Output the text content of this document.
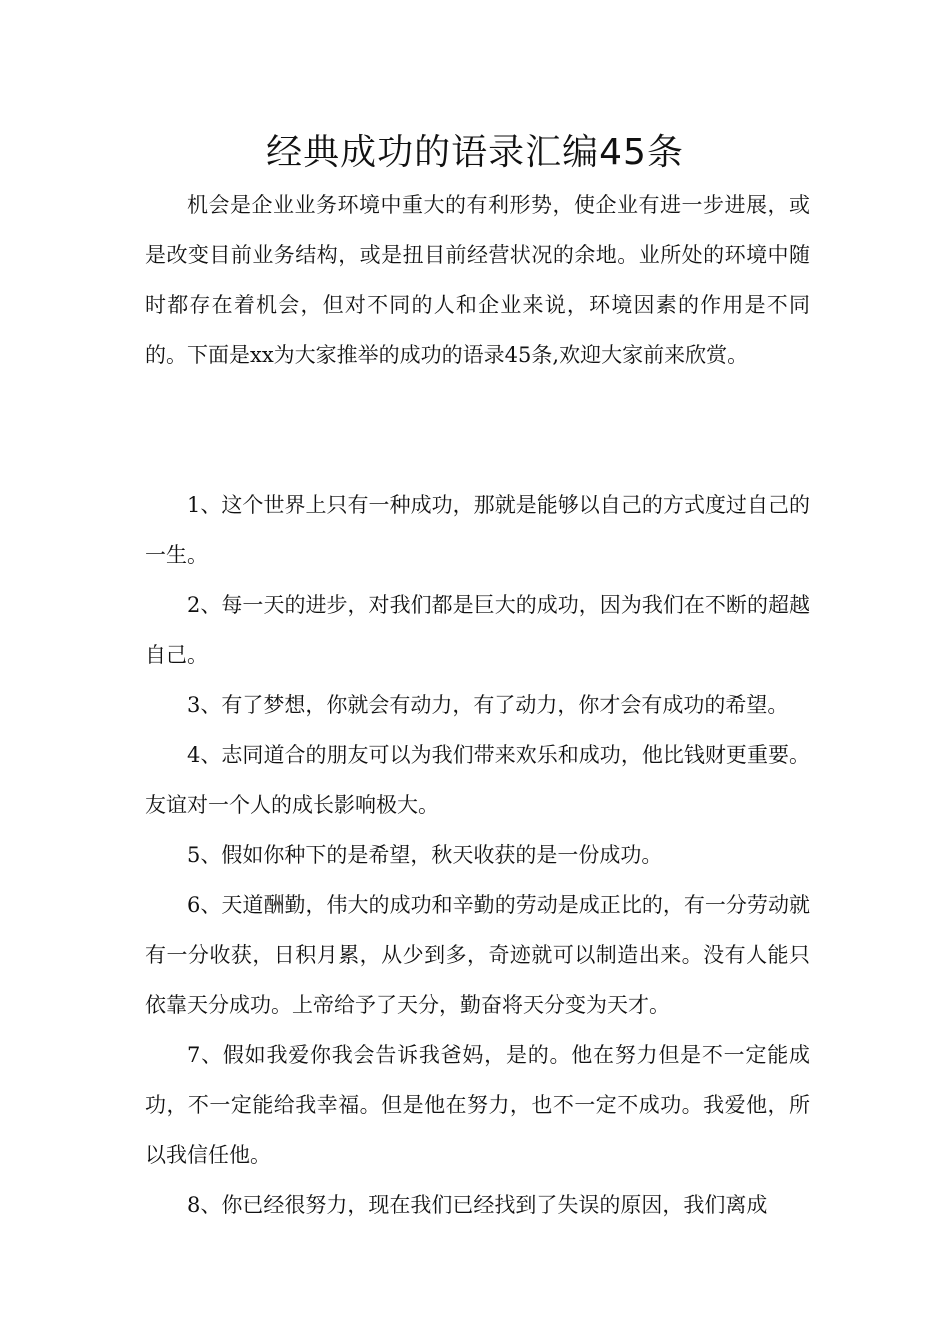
经典成功的语录汇编45条

机会是企业业务环境中重大的有利形势，使企业有进一步进展，或是改变目前业务结构，或是扭目前经营状况的余地。业所处的环境中随时都存在着机会，但对不同的人和企业来说，环境因素的作用是不同的。下面是xx为大家推举的成功的语录45条,欢迎大家前来欣赏。

1、这个世界上只有一种成功，那就是能够以自己的方式度过自己的一生。

2、每一天的进步，对我们都是巨大的成功，因为我们在不断的超越自己。

3、有了梦想，你就会有动力，有了动力，你才会有成功的希望。

4、志同道合的朋友可以为我们带来欢乐和成功，他比钱财更重要。友谊对一个人的成长影响极大。

5、假如你种下的是希望，秋天收获的是一份成功。

6、天道酬勤，伟大的成功和辛勤的劳动是成正比的，有一分劳动就有一分收获，日积月累，从少到多，奇迹就可以制造出来。没有人能只依靠天分成功。上帝给予了天分，勤奋将天分变为天才。

7、假如我爱你我会告诉我爸妈，是的。他在努力但是不一定能成功，不一定能给我幸福。但是他在努力，也不一定不成功。我爱他，所以我信任他。

8、你已经很努力，现在我们已经找到了失误的原因，我们离成
